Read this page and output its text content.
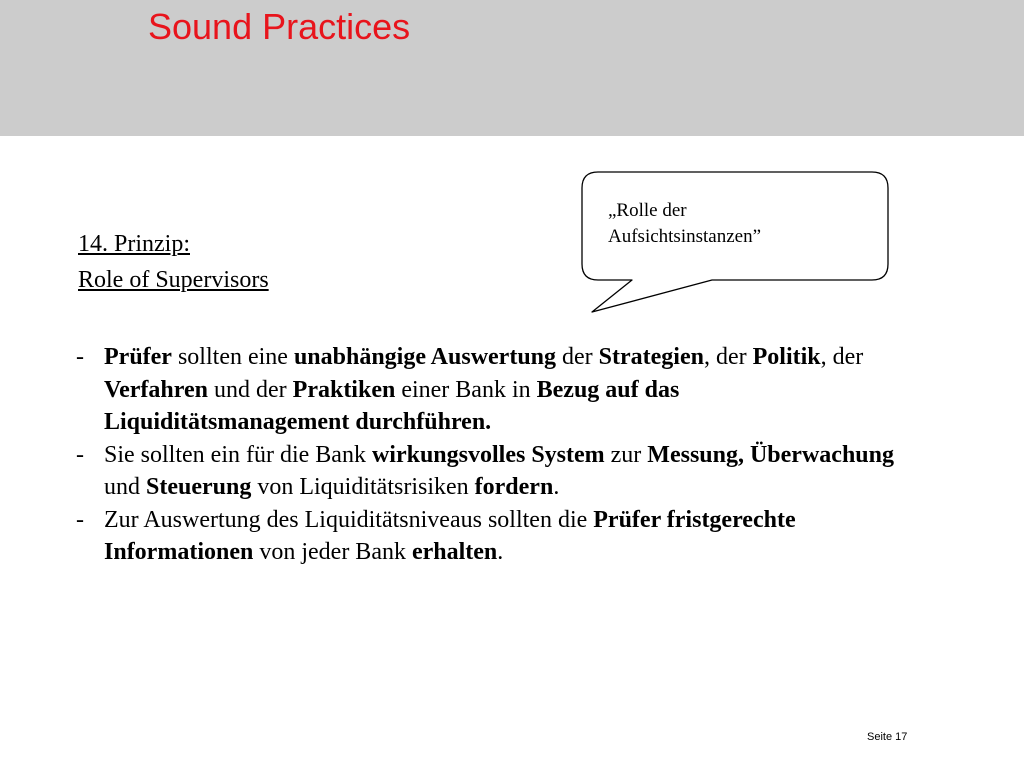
Sound Practices
„Rolle der
Aufsichtsinstanzen”
14. Prinzip:
Role of Supervisors
- Prüfer sollten eine unabhängige Auswertung der Strategien, der Politik, der Verfahren und der Praktiken einer Bank in Bezug auf das Liquiditätsmanagement durchführen.
- Sie sollten ein für die Bank wirkungsvolles System zur Messung, Überwachung und Steuerung von Liquiditätsrisiken fordern.
- Zur Auswertung des Liquiditätsniveaus sollten die Prüfer fristgerechte Informationen von jeder Bank erhalten.
Seite 17
